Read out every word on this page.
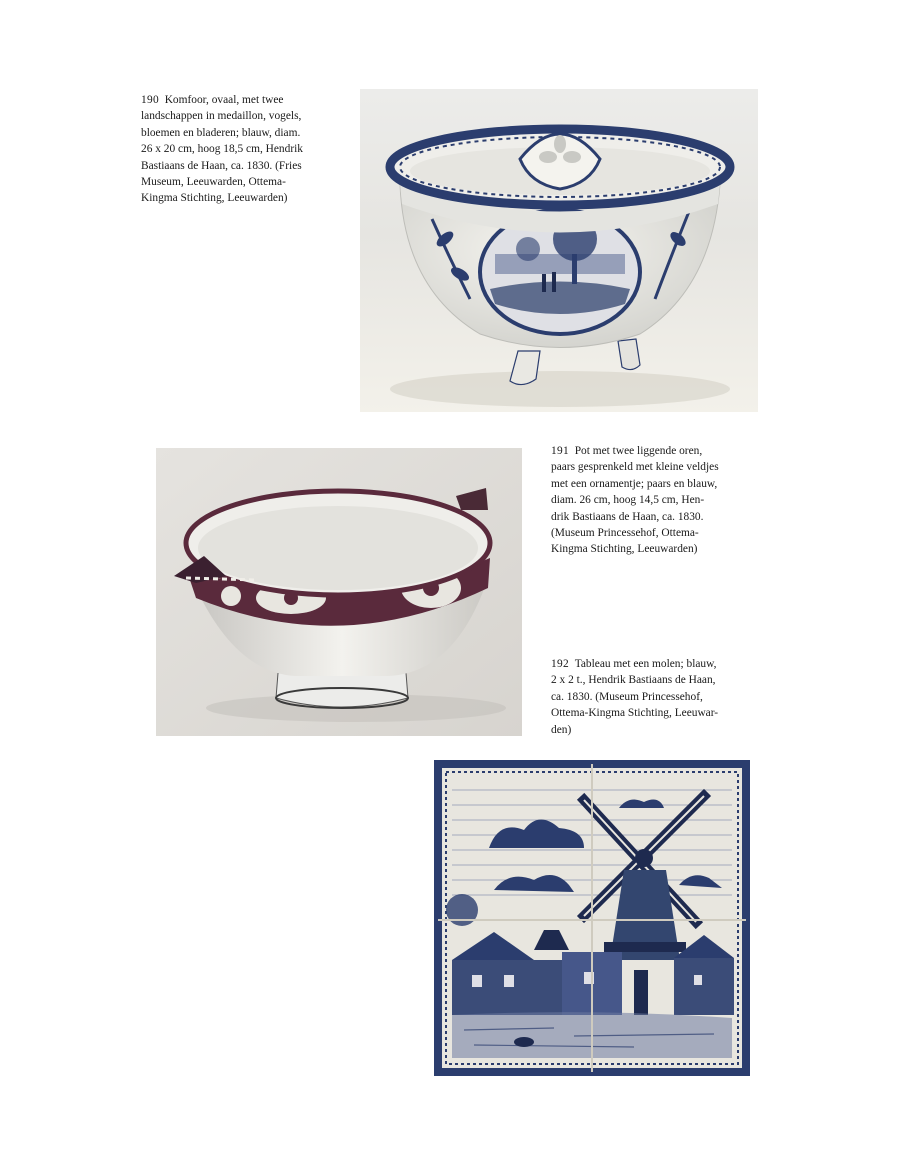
190 Komfoor, ovaal, met twee
landschappen in medaillon, vogels,
bloemen en bladeren; blauw, diam.
26 x 20 cm, hoog 18,5 cm, Hendrik
Bastiaans de Haan, ca. 1830. (Fries
Museum, Leeuwarden, Ottema-
Kingma Stichting, Leeuwarden)

191 Pot met twee liggende oren,
paars gesprenkeld met kleine veldjes
met een ornamentje; paars en blauw,
diam. 26 cm, hoog 14,5 cm, Hen-
drik Bastiaans de Haan, ca. 1830.
(Museum Princessehof, Ottema-
Kingma Stichting, Leeuwarden)

192 Tableau met een molen; blauw,
2 x 2 t., Hendrik Bastiaans de Haan,
ca. 1830. (Museum Princessehof,
Ottema-Kingma Stichting, Leeuwar-
den)
